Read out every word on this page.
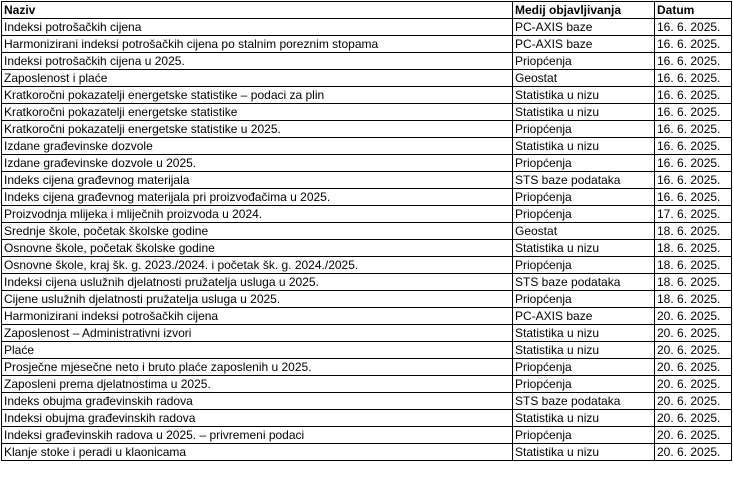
Naziv	Medij objavljivanja	Datum
Indeksi potrošačkih cijena	PC-AXIS baze	16. 6. 2025.
Harmonizirani indeksi potrošačkih cijena po stalnim poreznim stopama	PC-AXIS baze	16. 6. 2025.
Indeksi potrošačkih cijena u 2025.	Priopćenja	16. 6. 2025.
Zaposlenost i plaće	Geostat	16. 6. 2025.
Kratkoročni pokazatelji energetske statistike – podaci za plin	Statistika u nizu	16. 6. 2025.
Kratkoročni pokazatelji energetske statistike	Statistika u nizu	16. 6. 2025.
Kratkoročni pokazatelji energetske statistike u 2025.	Priopćenja	16. 6. 2025.
Izdane građevinske dozvole	Statistika u nizu	16. 6. 2025.
Izdane građevinske dozvole u 2025.	Priopćenja	16. 6. 2025.
Indeks cijena građevnog materijala	STS baze podataka	16. 6. 2025.
Indeks cijena građevnog materijala pri proizvođačima u 2025.	Priopćenja	16. 6. 2025.
Proizvodnja mlijeka i mliječnih proizvoda u 2024.	Priopćenja	17. 6. 2025.
Srednje škole, početak školske godine	Geostat	18. 6. 2025.
Osnovne škole, početak školske godine	Statistika u nizu	18. 6. 2025.
Osnovne škole, kraj šk. g. 2023./2024. i početak šk. g. 2024./2025.	Priopćenja	18. 6. 2025.
Indeksi cijena uslužnih djelatnosti pružatelja usluga u 2025.	STS baze podataka	18. 6. 2025.
Cijene uslužnih djelatnosti pružatelja usluga u 2025.	Priopćenja	18. 6. 2025.
Harmonizirani indeksi potrošačkih cijena	PC-AXIS baze	20. 6. 2025.
Zaposlenost – Administrativni izvori	Statistika u nizu	20. 6. 2025.
Plaće	Statistika u nizu	20. 6. 2025.
Prosječne mjesečne neto i bruto plaće zaposlenih u 2025.	Priopćenja	20. 6. 2025.
Zaposleni prema djelatnostima u 2025.	Priopćenja	20. 6. 2025.
Indeks obujma građevinskih radova	STS baze podataka	20. 6. 2025.
Indeksi obujma građevinskih radova	Statistika u nizu	20. 6. 2025.
Indeksi građevinskih radova u 2025. – privremeni podaci	Priopćenja	20. 6. 2025.
Klanje stoke i peradi u klaonicama	Statistika u nizu	20. 6. 2025.
